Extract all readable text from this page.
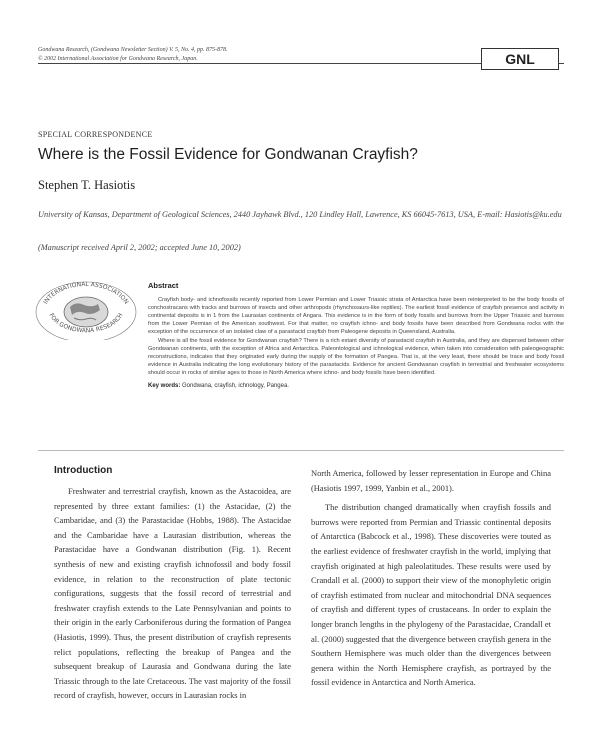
Gondwana Research, (Gondwana Newsletter Section) V. 5, No. 4, pp. 875-878.
© 2002 International Association for Gondwana Research, Japan.	GNL
SPECIAL CORRESPONDENCE
Where is the Fossil Evidence for Gondwanan Crayfish?
Stephen T. Hasiotis
University of Kansas, Department of Geological Sciences, 2440 Jayhawk Blvd., 120 Lindley Hall, Lawrence, KS 66045-7613, USA, E-mail: Hasiotis@ku.edu
(Manuscript received April 2, 2002; accepted June 10, 2002)
INTERNATIONAL ASSOCIATION
FOR GONDWANA RESEARCH
Abstract

Crayfish body- and ichnofossils recently reported from Lower Permian and Lower Triassic strata of Antarctica have been reinterpreted to be the body fossils of conchostracans with tracks and burrows of insects and other arthropods (rhynchosaurs-like reptiles). The earliest fossil evidence of crayfish presence and activity in continental deposits is in 1 from the Laurasian continents of Angara. This evidence is in the form of body fossils and burrows from the Upper Triassic and burrows from the Lower Permian of the American southwest. For that matter, no crayfish ichno- and body fossils have been described from Gondwana rocks with the exception of the occurrence of an isolated claw of a parastacid crayfish from Paleogene deposits in Queensland, Australia.

Where is all the fossil evidence for Gondwanan crayfish? There is a rich extant diversity of parastacid crayfish in Australia, and they are dispersed between other Gondwanan continents, with the exception of Africa and Antarctica. Paleontological and ichnological evidence, when taken into consideration with paleogeographic reconstructions, indicates that they originated early during the supply of the formation of Pangea. That is, at the very least, there should be trace and body fossil evidence in Australia indicating the long evolutionary history of the parastacids. Evidence for ancient Gondwanan crayfish in terrestrial and freshwater ecosystems should occur in rocks of similar ages to those in North America where ichno- and body fossils have been identified.

Key words: Gondwana, crayfish, ichnology, Pangea.
Introduction

Freshwater and terrestrial crayfish, known as the Astacoidea, are represented by three extant families: (1) the Astacidae, (2) the Cambaridae, and (3) the Parastacidae (Hobbs, 1988). The Astacidae and the Cambaridae have a Laurasian distribution, whereas the Parastacidae have a Gondwanan distribution (Fig. 1). Recent synthesis of new and existing crayfish ichnofossil and body fossil evidence, in relation to the reconstruction of plate tectonic configurations, suggests that the fossil record of terrestrial and freshwater crayfish extends to the Late Pennsylvanian and points to their origin in the early Carboniferous during the formation of Pangea (Hasiotis, 1999). Thus, the present distribution of crayfish represents relict populations, reflecting the breakup of Pangea and the subsequent breakup of Laurasia and Gondwana during the late Triassic through to the late Cretaceous. The vast majority of the fossil record of crayfish, however, occurs in Laurasian rocks in

North America, followed by lesser representation in Europe and China (Hasiotis 1997, 1999, Yanbin et al., 2001).

The distribution changed dramatically when crayfish fossils and burrows were reported from Permian and Triassic continental deposits of Antarctica (Babcock et al., 1998). These discoveries were touted as the earliest evidence of freshwater crayfish in the world, implying that crayfish originated at high paleolatitudes. These results were used by Crandall et al. (2000) to support their view of the monophyletic origin of crayfish estimated from nuclear and mitochondrial DNA sequences of crayfish and different types of crustaceans. In order to explain the longer branch lengths in the phylogeny of the Parastacidae, Crandall et al. (2000) suggested that the divergence between crayfish genera in the Southern Hemisphere was much older than the divergences between genera within the North Hemisphere crayfish, as portrayed by the fossil evidence in Antarctica and North America.
